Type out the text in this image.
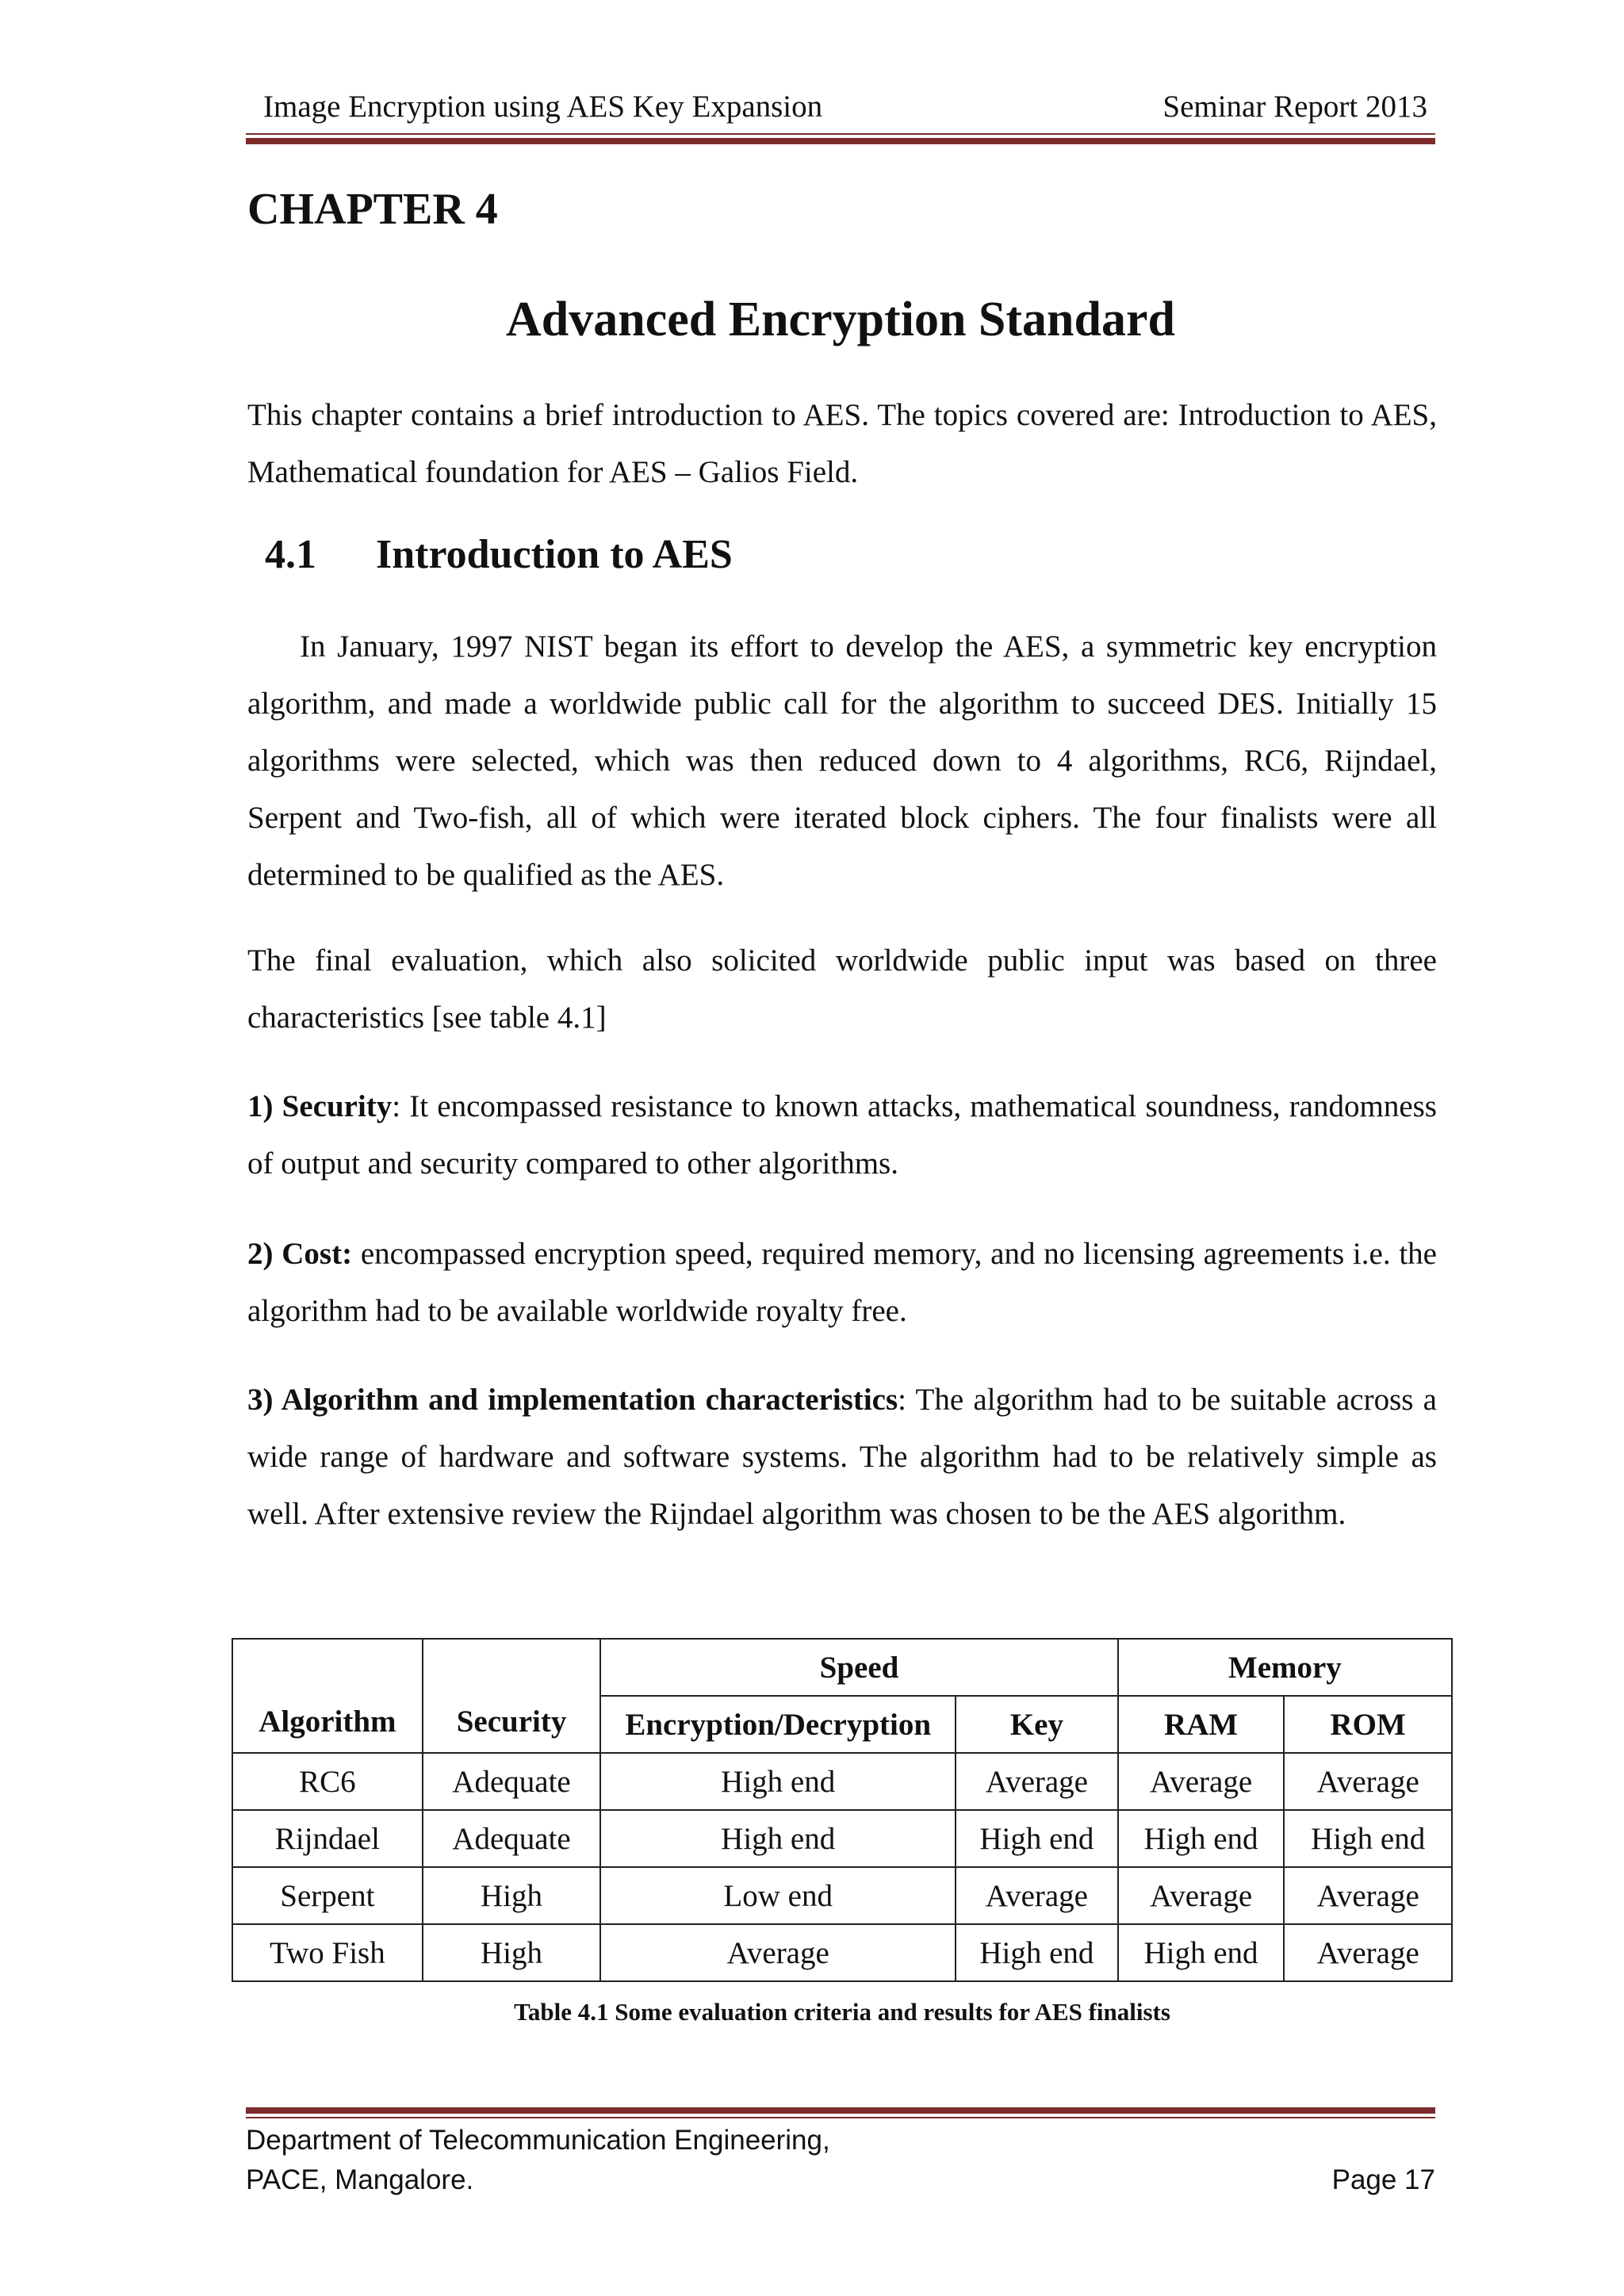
Image Encryption using AES Key Expansion	Seminar Report 2013
CHAPTER 4
Advanced Encryption Standard

This chapter contains a brief introduction to AES. The topics covered are: Introduction to AES, Mathematical foundation for AES – Galios Field.

4.1 Introduction to AES

In January, 1997 NIST began its effort to develop the AES, a symmetric key encryption algorithm, and made a worldwide public call for the algorithm to succeed DES. Initially 15 algorithms were selected, which was then reduced down to 4 algorithms, RC6, Rijndael, Serpent and Two-fish, all of which were iterated block ciphers. The four finalists were all determined to be qualified as the AES.

The final evaluation, which also solicited worldwide public input was based on three characteristics [see table 4.1]

1) Security: It encompassed resistance to known attacks, mathematical soundness, randomness of output and security compared to other algorithms.

2) Cost: encompassed encryption speed, required memory, and no licensing agreements i.e. the algorithm had to be available worldwide royalty free.

3) Algorithm and implementation characteristics: The algorithm had to be suitable across a wide range of hardware and software systems. The algorithm had to be relatively simple as well. After extensive review the Rijndael algorithm was chosen to be the AES algorithm.

Algorithm	Security	Speed		Memory	
		Encryption/Decryption	Key	RAM	ROM
RC6	Adequate	High end	Average	Average	Average
Rijndael	Adequate	High end	High end	High end	High end
Serpent	High	Low end	Average	Average	Average
Two Fish	High	Average	High end	High end	Average
Table 4.1 Some evaluation criteria and results for AES finalists
Department of Telecommunication Engineering,
PACE, Mangalore.	Page 17
